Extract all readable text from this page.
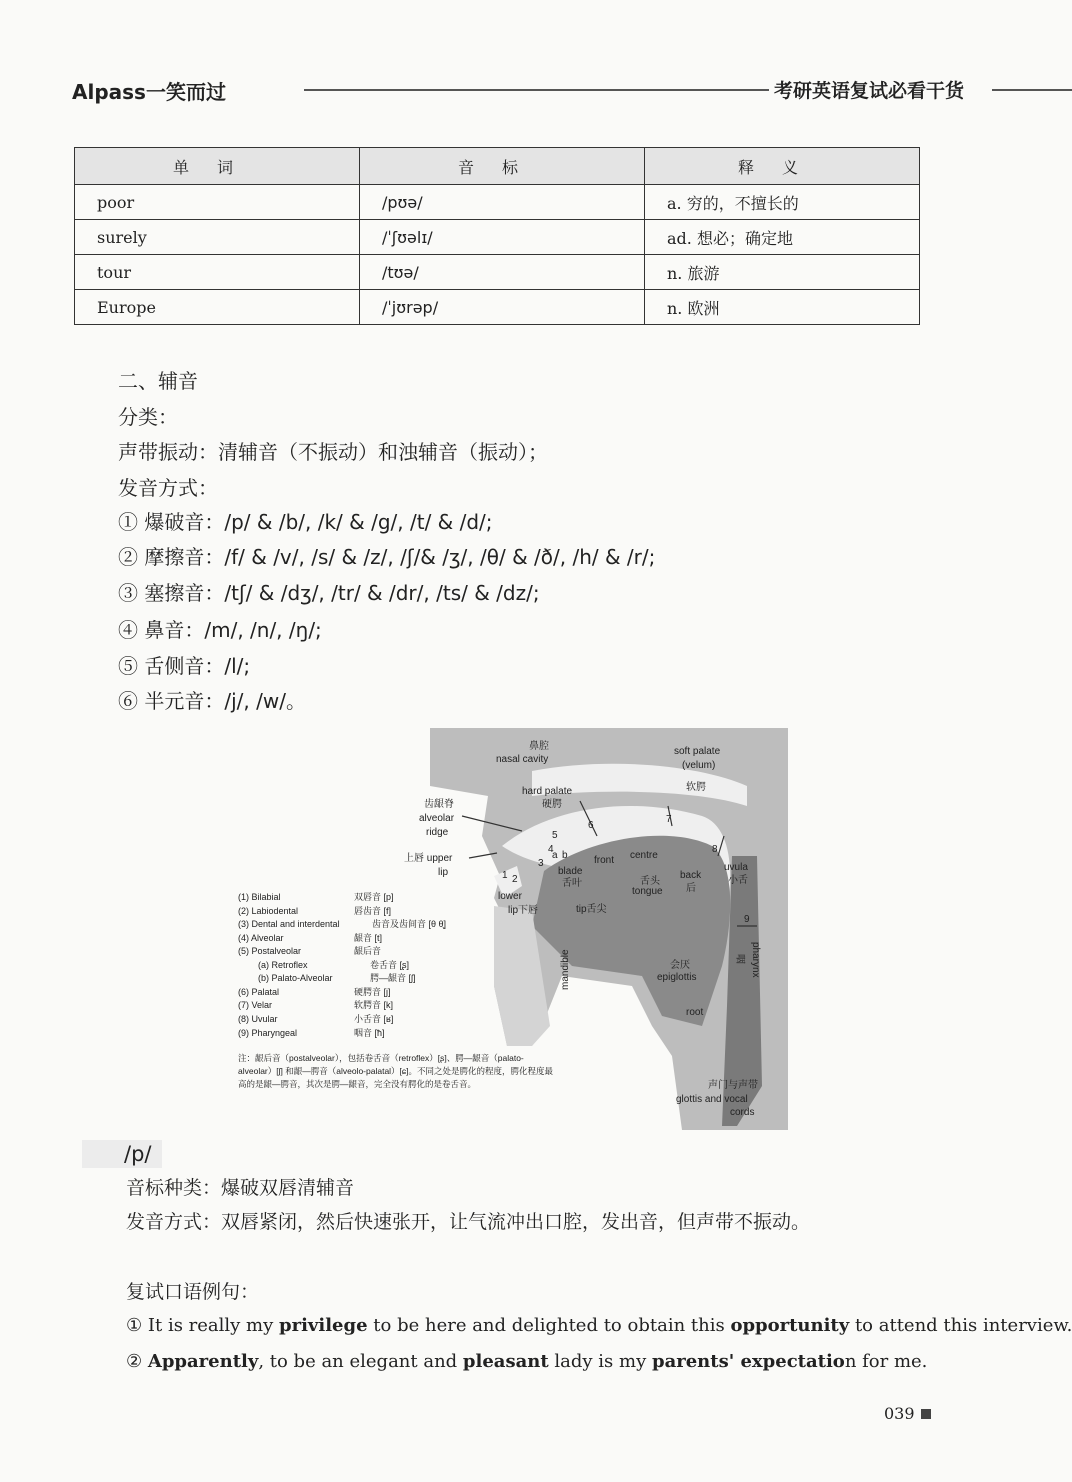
Alpass一笑而过	考研英语复试必看干货
单词	音标	释义
poor	/pʊə/	a. 穷的，不擅长的
surely	/ˈʃʊəlɪ/	ad. 想必；确定地
tour	/tʊə/	n. 旅游
Europe	/ˈjʊrəp/	n. 欧洲
二、辅音
分类：
声带振动：清辅音（不振动）和浊辅音（振动）；
发音方式：
① 爆破音：/p/ & /b/, /k/ & /g/, /t/ & /d/;
② 摩擦音：/f/ & /v/, /s/ & /z/, /ʃ/& /ʒ/, /θ/ & /ð/, /h/ & /r/;
③ 塞擦音：/tʃ/ & /dʒ/, /tr/ & /dr/, /ts/ & /dz/;
④ 鼻音：/m/, /n/, /ŋ/;
⑤ 舌侧音：/l/;
⑥ 半元音：/j/, /w/。
鼻腔
nasal cavity
soft palate
(velum)
软腭
hard palate
硬腭
齿龈脊
alveolar
ridge
上唇 upper
lip
front centre
blade
舌叶	舌头
tongue
back
后
uvula
小舌
lower
lip下唇	tip舌尖
mandible	会厌
epiglottis	pharynx
咽
root
声门与声带
glottis and vocal
cords
1 2
3
4
5
6
7
8
9
a b
(1) Bilabial	双唇音 [p]
(2) Labiodental	唇齿音 [f]
(3) Dental and interdental	齿音及齿间音 [θ θ̞]
(4) Alveolar	龈音 [t]
(5) Postalveolar	龈后音
(a) Retroflex	卷舌音 [ʂ]
(b) Palato-Alveolar	腭—龈音 [ʃ]
(6) Palatal	硬腭音 [j]
(7) Velar	软腭音 [k]
(8) Uvular	小舌音 [ʁ]
(9) Pharyngeal	咽音 [ħ]
注：龈后音（postalveolar），包括卷舌音（retroflex）[ʂ]、腭—龈音（palato-
alveolar）[ʃ] 和龈—腭音（alveolo-palatal）[ɕ]。不同之处是腭化的程度，腭化程度最
高的是龈—腭音，其次是腭—龈音，完全没有腭化的是卷舌音。
/p/
音标种类：爆破双唇清辅音
发音方式：双唇紧闭，然后快速张开，让气流冲出口腔，发出音，但声带不振动。
复试口语例句：
① It is really my privilege to be here and delighted to obtain this opportunity to attend this interview.
② Apparently, to be an elegant and pleasant lady is my parents' expectation for me.
039
